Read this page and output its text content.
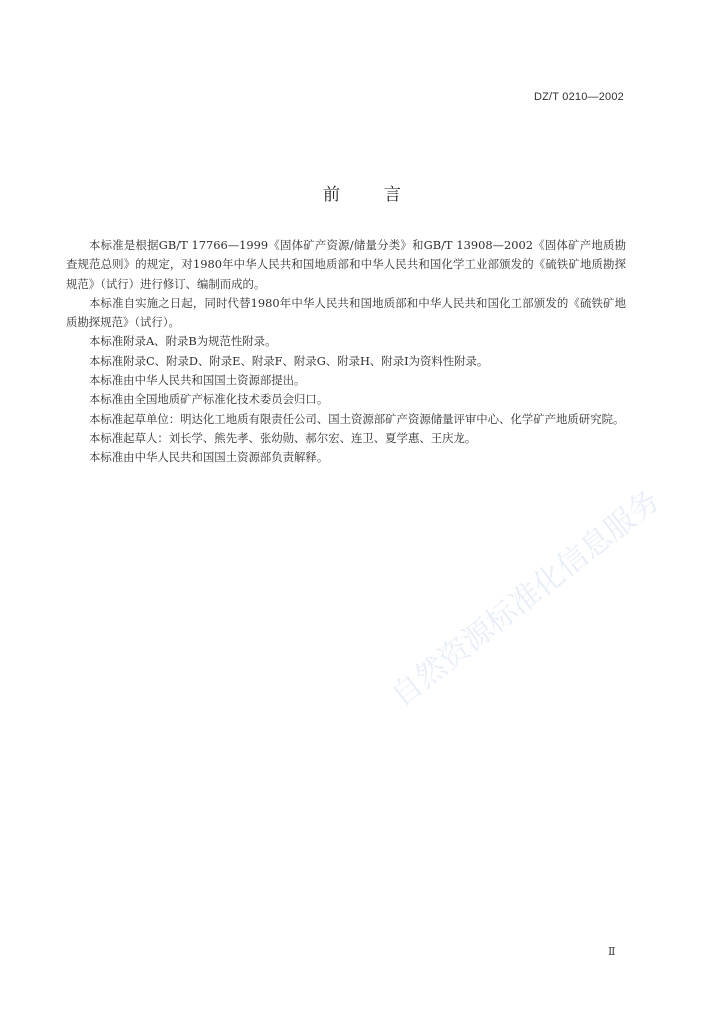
DZ/T 0210—2002
前言

本标准是根据GB/T 17766—1999《固体矿产资源/储量分类》和GB/T 13908—2002《固体矿产地质勘查规范总则》的规定，对1980年中华人民共和国地质部和中华人民共和国化学工业部颁发的《硫铁矿地质勘探规范》（试行）进行修订、编制而成的。

本标准自实施之日起，同时代替1980年中华人民共和国地质部和中华人民共和国化工部颁发的《硫铁矿地质勘探规范》（试行）。

本标准附录A、附录B为规范性附录。

本标准附录C、附录D、附录E、附录F、附录G、附录H、附录I为资料性附录。

本标准由中华人民共和国国土资源部提出。

本标准由全国地质矿产标准化技术委员会归口。

本标准起草单位：明达化工地质有限责任公司、国土资源部矿产资源储量评审中心、化学矿产地质研究院。

本标准起草人：刘长学、熊先孝、张幼勋、郝尔宏、连卫、夏学惠、王庆龙。

本标准由中华人民共和国国土资源部负责解释。

自然资源标准化信息服务
Ⅱ
